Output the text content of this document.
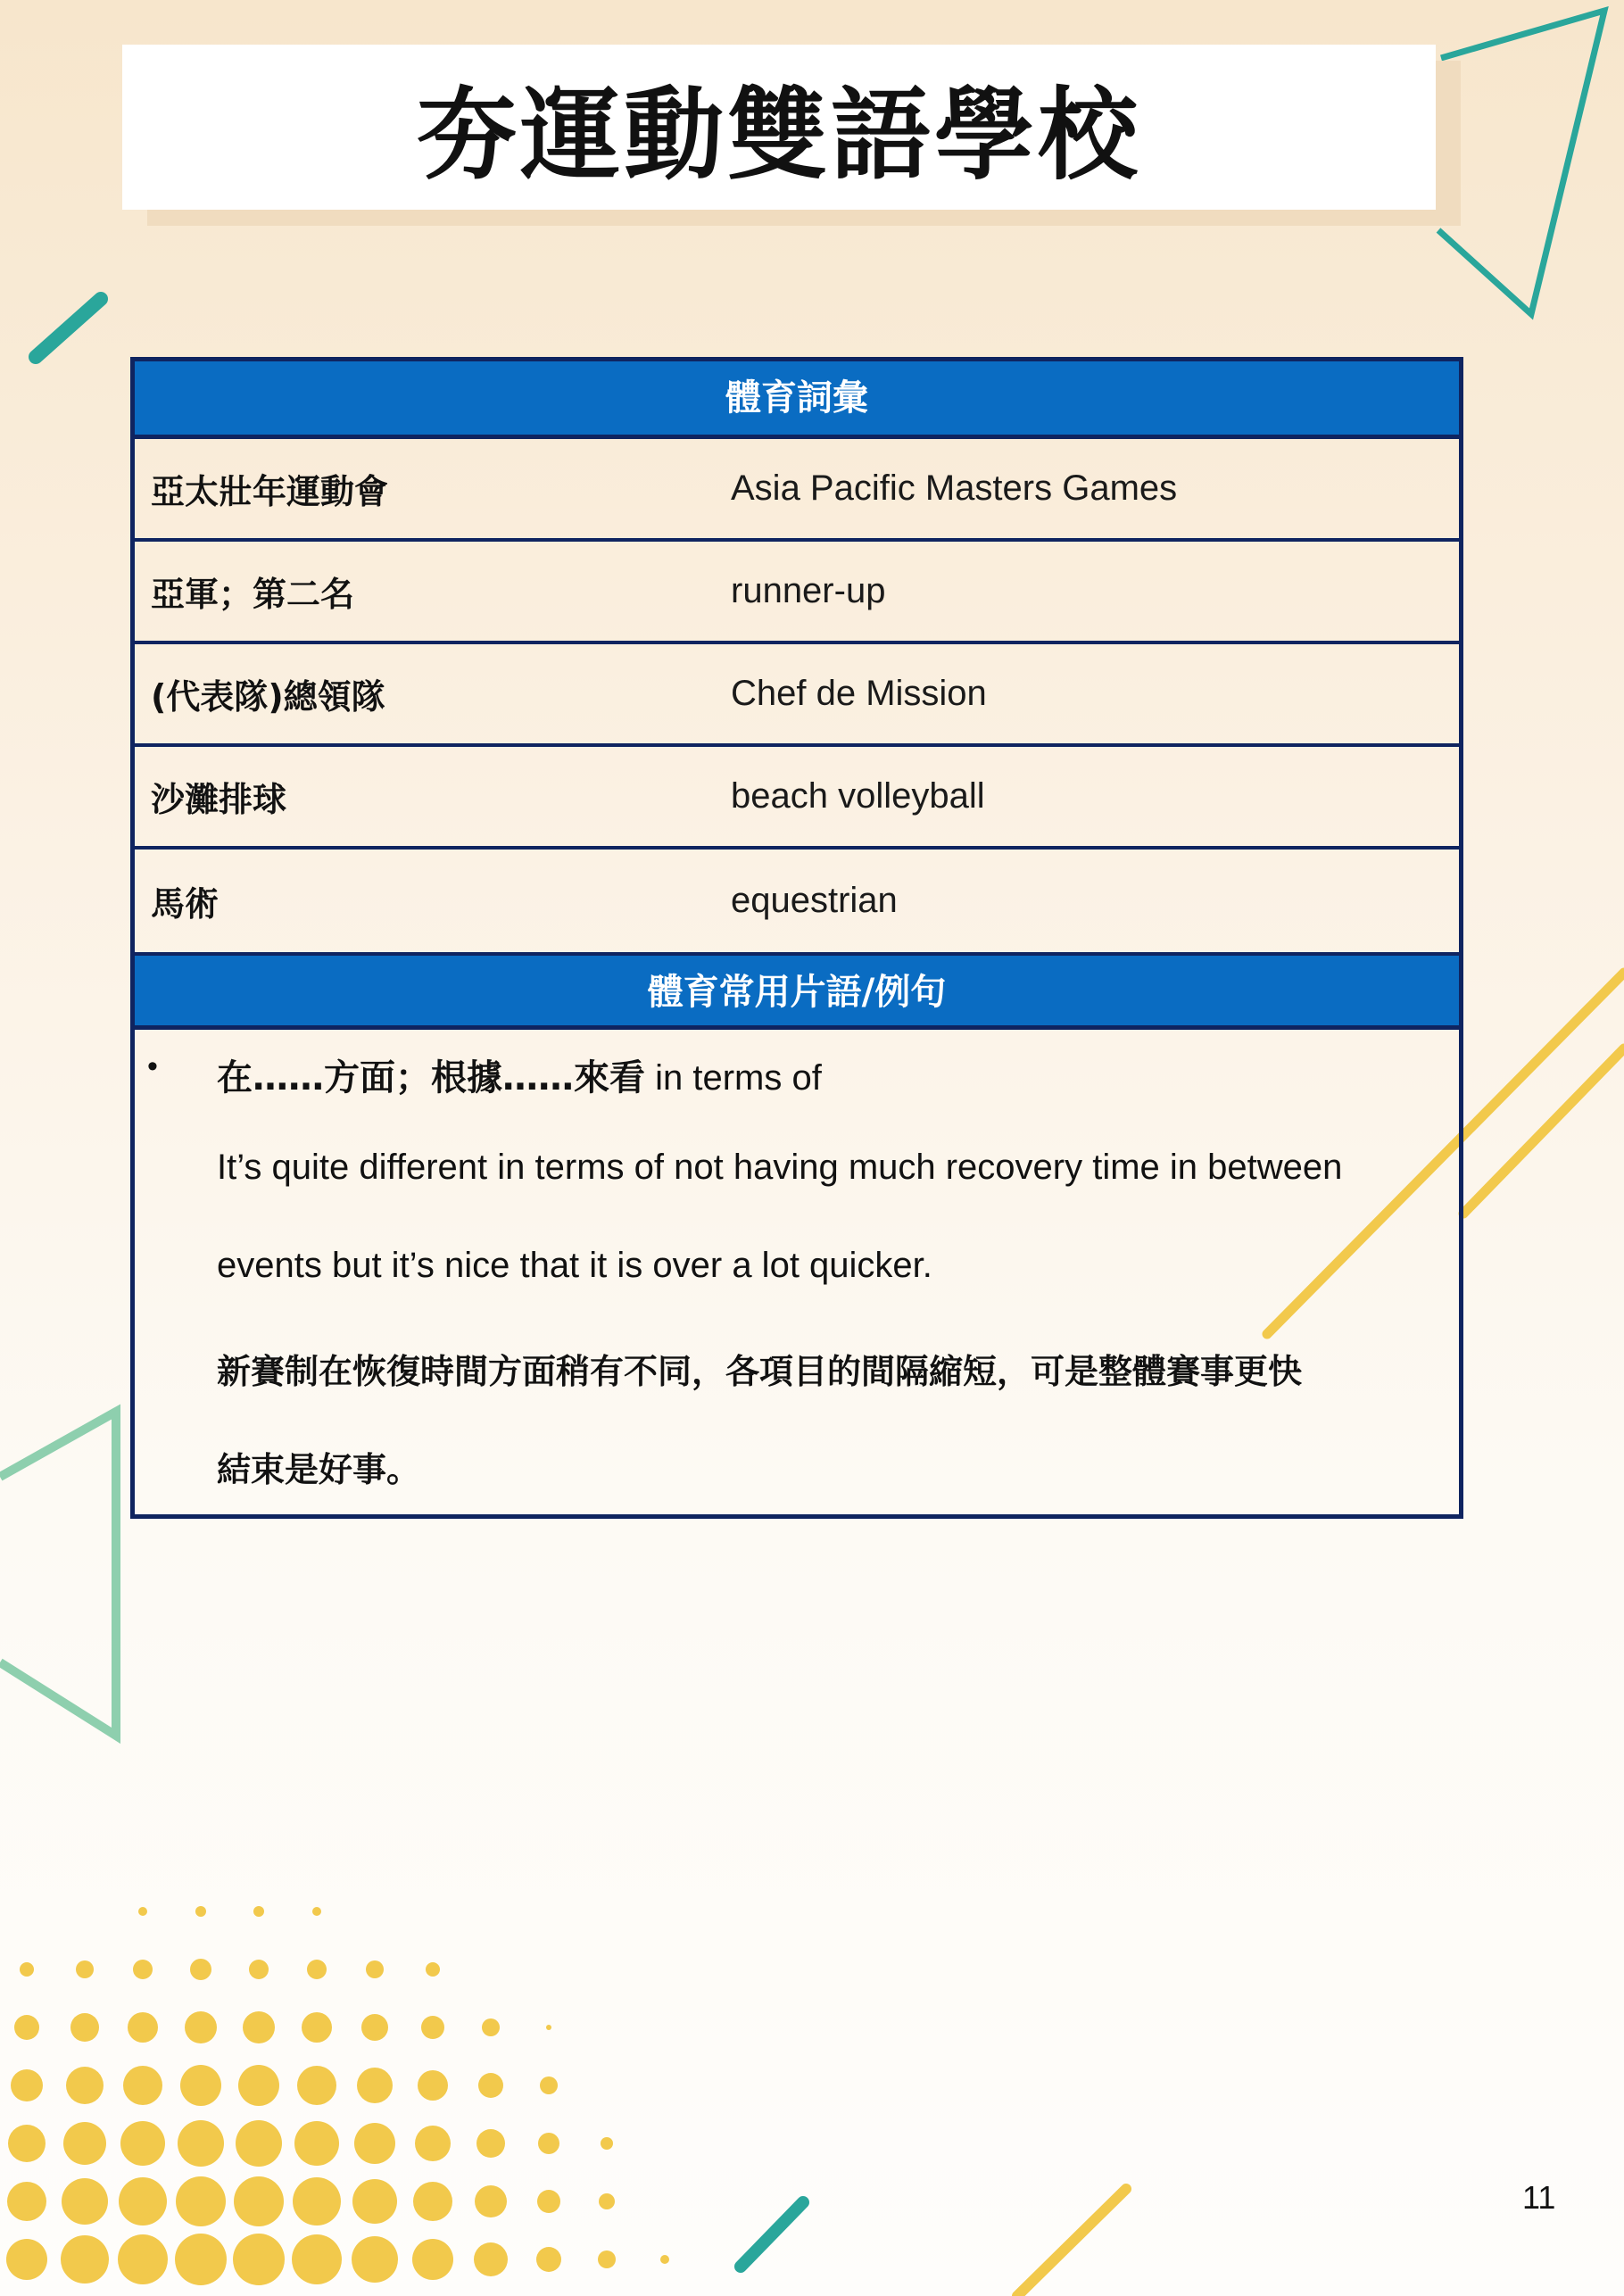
夯運動雙語學校
體育詞彙
亞太壯年運動會	Asia Pacific Masters Games
亞軍；第二名	runner-up
(代表隊)總領隊	Chef de Mission
沙灘排球	beach volleyball
馬術	equestrian
體育常用片語/例句
• 在……方面；根據……來看 in terms of
It’s quite different in terms of not having much recovery time in between
events but it’s nice that it is over a lot quicker.
新賽制在恢復時間方面稍有不同，各項目的間隔縮短，可是整體賽事更快
結束是好事。
11
